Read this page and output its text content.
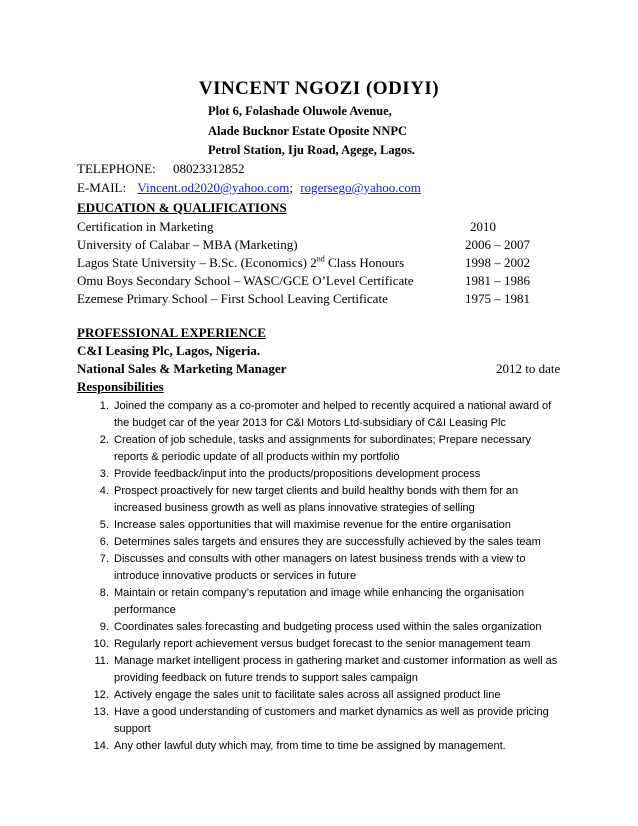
VINCENT NGOZI (ODIYI)
Plot 6, Folashade Oluwole Avenue,
Alade Bucknor Estate Oposite NNPC
Petrol Station, Iju Road, Agege, Lagos.
TELEPHONE: 08023312852
E-MAIL: Vincent.od2020@yahoo.com; rogersego@yahoo.com
EDUCATION & QUALIFICATIONS
Certification in Marketing	2010
University of Calabar – MBA (Marketing)	2006 – 2007
Lagos State University – B.Sc. (Economics) 2nd Class Honours	1998 – 2002
Omu Boys Secondary School – WASC/GCE O’Level Certificate	1981 – 1986
Ezemese Primary School – First School Leaving Certificate	1975 – 1981
PROFESSIONAL EXPERIENCE
C&I Leasing Plc, Lagos, Nigeria.
National Sales & Marketing Manager	2012 to date
Responsibilities
1. Joined the company as a co-promoter and helped to recently acquired a national award of the budget car of the year 2013 for C&I Motors Ltd-subsidiary of C&I Leasing Plc
2. Creation of job schedule, tasks and assignments for subordinates; Prepare necessary reports & periodic update of all products within my portfolio
3. Provide feedback/input into the products/propositions development process
4. Prospect proactively for new target clients and build healthy bonds with them for an increased business growth as well as plans innovative strategies of selling
5. Increase sales opportunities that will maximise revenue for the entire organisation
6. Determines sales targets and ensures they are successfully achieved by the sales team
7. Discusses and consults with other managers on latest business trends with a view to introduce innovative products or services in future
8. Maintain or retain company’s reputation and image while enhancing the organisation performance
9. Coordinates sales forecasting and budgeting process used within the sales organization
10. Regularly report achievement versus budget forecast to the senior management team
11. Manage market intelligent process in gathering market and customer information as well as providing feedback on future trends to support sales campaign
12. Actively engage the sales unit to facilitate sales across all assigned product line
13. Have a good understanding of customers and market dynamics as well as provide pricing support
14. Any other lawful duty which may, from time to time be assigned by management.
